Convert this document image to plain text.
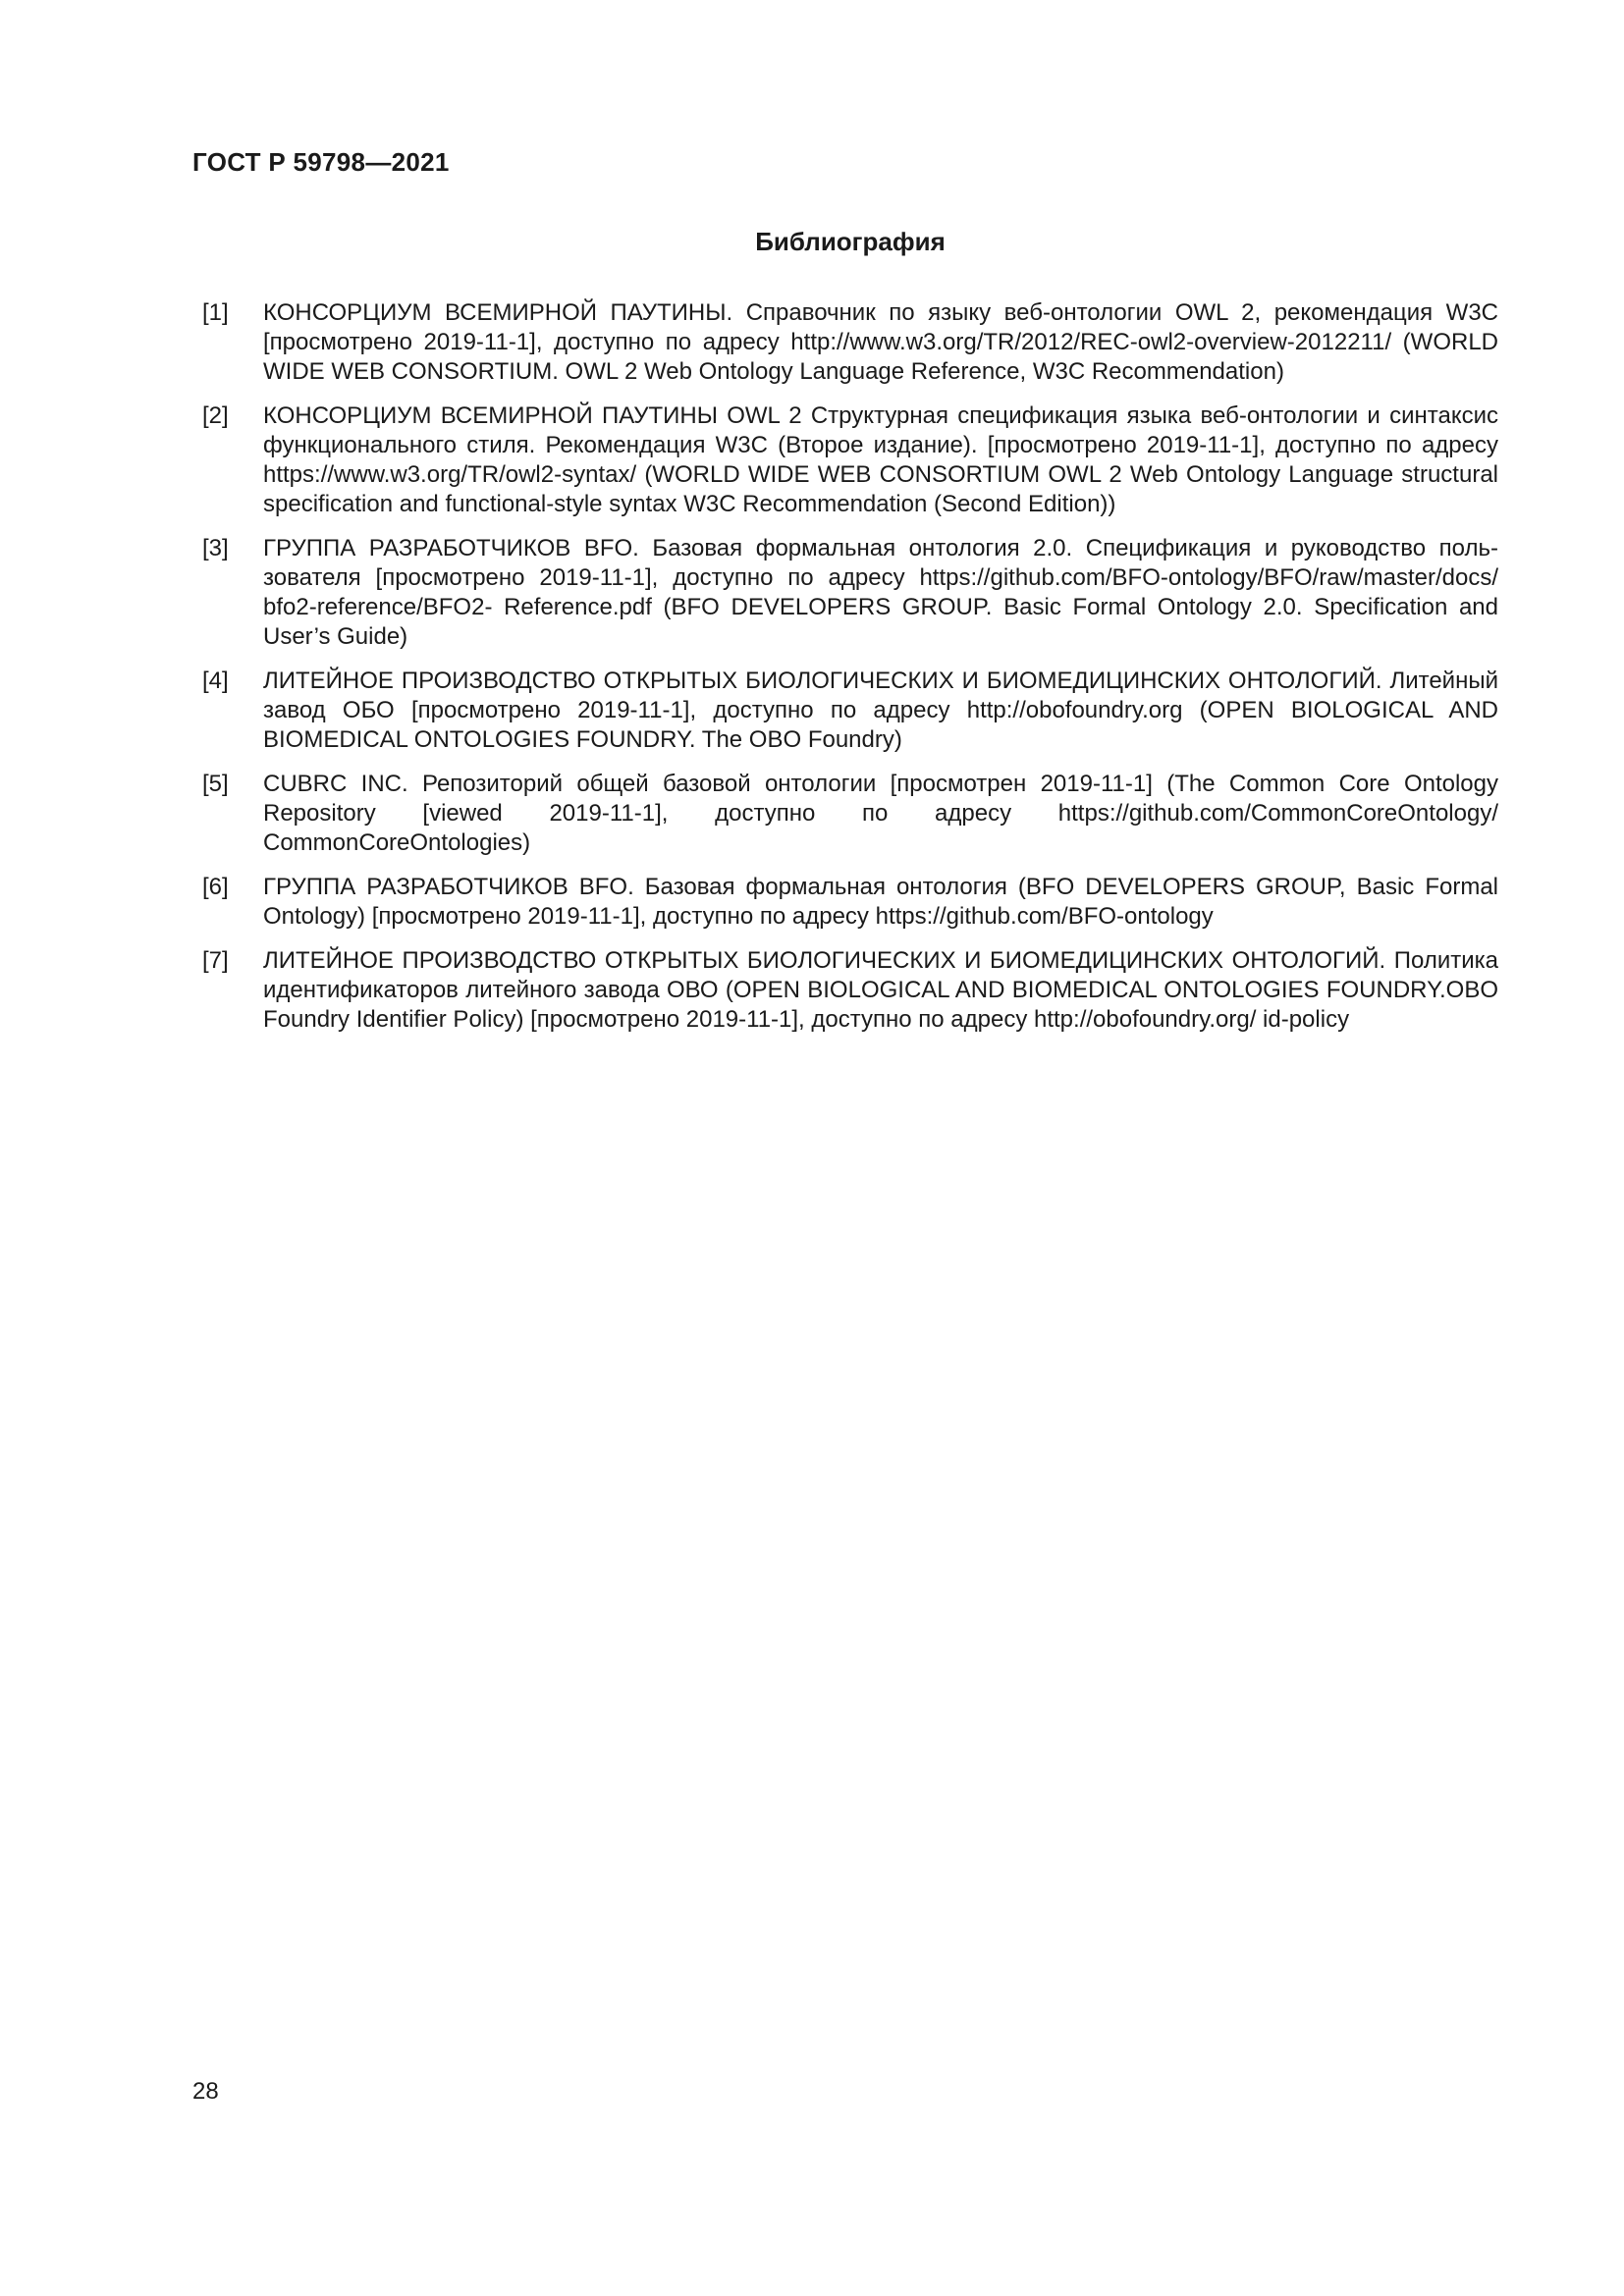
ГОСТ Р 59798—2021
Библиография
[1]	КОНСОРЦИУМ ВСЕМИРНОЙ ПАУТИНЫ. Справочник по языку веб-онтологии OWL 2, рекомендация W3C [просмотрено 2019-11-1], доступно по адресу http://www.w3.org/TR/2012/REC-owl2-overview-2012211/ (WORLD WIDE WEB CONSORTIUM. OWL 2 Web Ontology Language Reference, W3C Recommendation)
[2]	КОНСОРЦИУМ ВСЕМИРНОЙ ПАУТИНЫ OWL 2 Структурная спецификация языка веб-онтологии и синтаксис функционального стиля. Рекомендация W3C (Второе издание). [просмотрено 2019-11-1], доступно по адресу https://www.w3.org/TR/owl2-syntax/ (WORLD WIDE WEB CONSORTIUM OWL 2 Web Ontology Language structural specification and functional-style syntax W3C Recommendation (Second Edition))
[3]	ГРУППА РАЗРАБОТЧИКОВ BFO. Базовая формальная онтология 2.0. Спецификация и руководство пользователя [просмотрено 2019-11-1], доступно по адресу https://github.com/BFO-ontology/BFO/raw/master/docs/ bfo2-reference/BFO2- Reference.pdf (BFO DEVELOPERS GROUP. Basic Formal Ontology 2.0. Specification and User’s Guide)
[4]	ЛИТЕЙНОЕ ПРОИЗВОДСТВО ОТКРЫТЫХ БИОЛОГИЧЕСКИХ И БИОМЕДИЦИНСКИХ ОНТОЛОГИЙ. Литейный завод ОБО [просмотрено 2019-11-1], доступно по адресу http://obofoundry.org (OPEN BIOLOGICAL AND BIOMEDICAL ONTOLOGIES FOUNDRY. The OBO Foundry)
[5]	CUBRC INC. Репозиторий общей базовой онтологии [просмотрен 2019-11-1] (The Common Core Ontology Repository [viewed 2019-11-1], доступно по адресу https://github.com/CommonCoreOntology/ CommonCoreOntologies)
[6]	ГРУППА РАЗРАБОТЧИКОВ BFO. Базовая формальная онтология (BFO DEVELOPERS GROUP, Basic Formal Ontology) [просмотрено 2019-11-1], доступно по адресу https://github.com/BFO-ontology
[7]	ЛИТЕЙНОЕ ПРОИЗВОДСТВО ОТКРЫТЫХ БИОЛОГИЧЕСКИХ И БИОМЕДИЦИНСКИХ ОНТОЛОГИЙ. Политика идентификаторов литейного завода ОВО (OPEN BIOLOGICAL AND BIOMEDICAL ONTOLOGIES FOUNDRY.OBO Foundry Identifier Policy) [просмотрено 2019-11-1], доступно по адресу http://obofoundry.org/ id-policy
28
